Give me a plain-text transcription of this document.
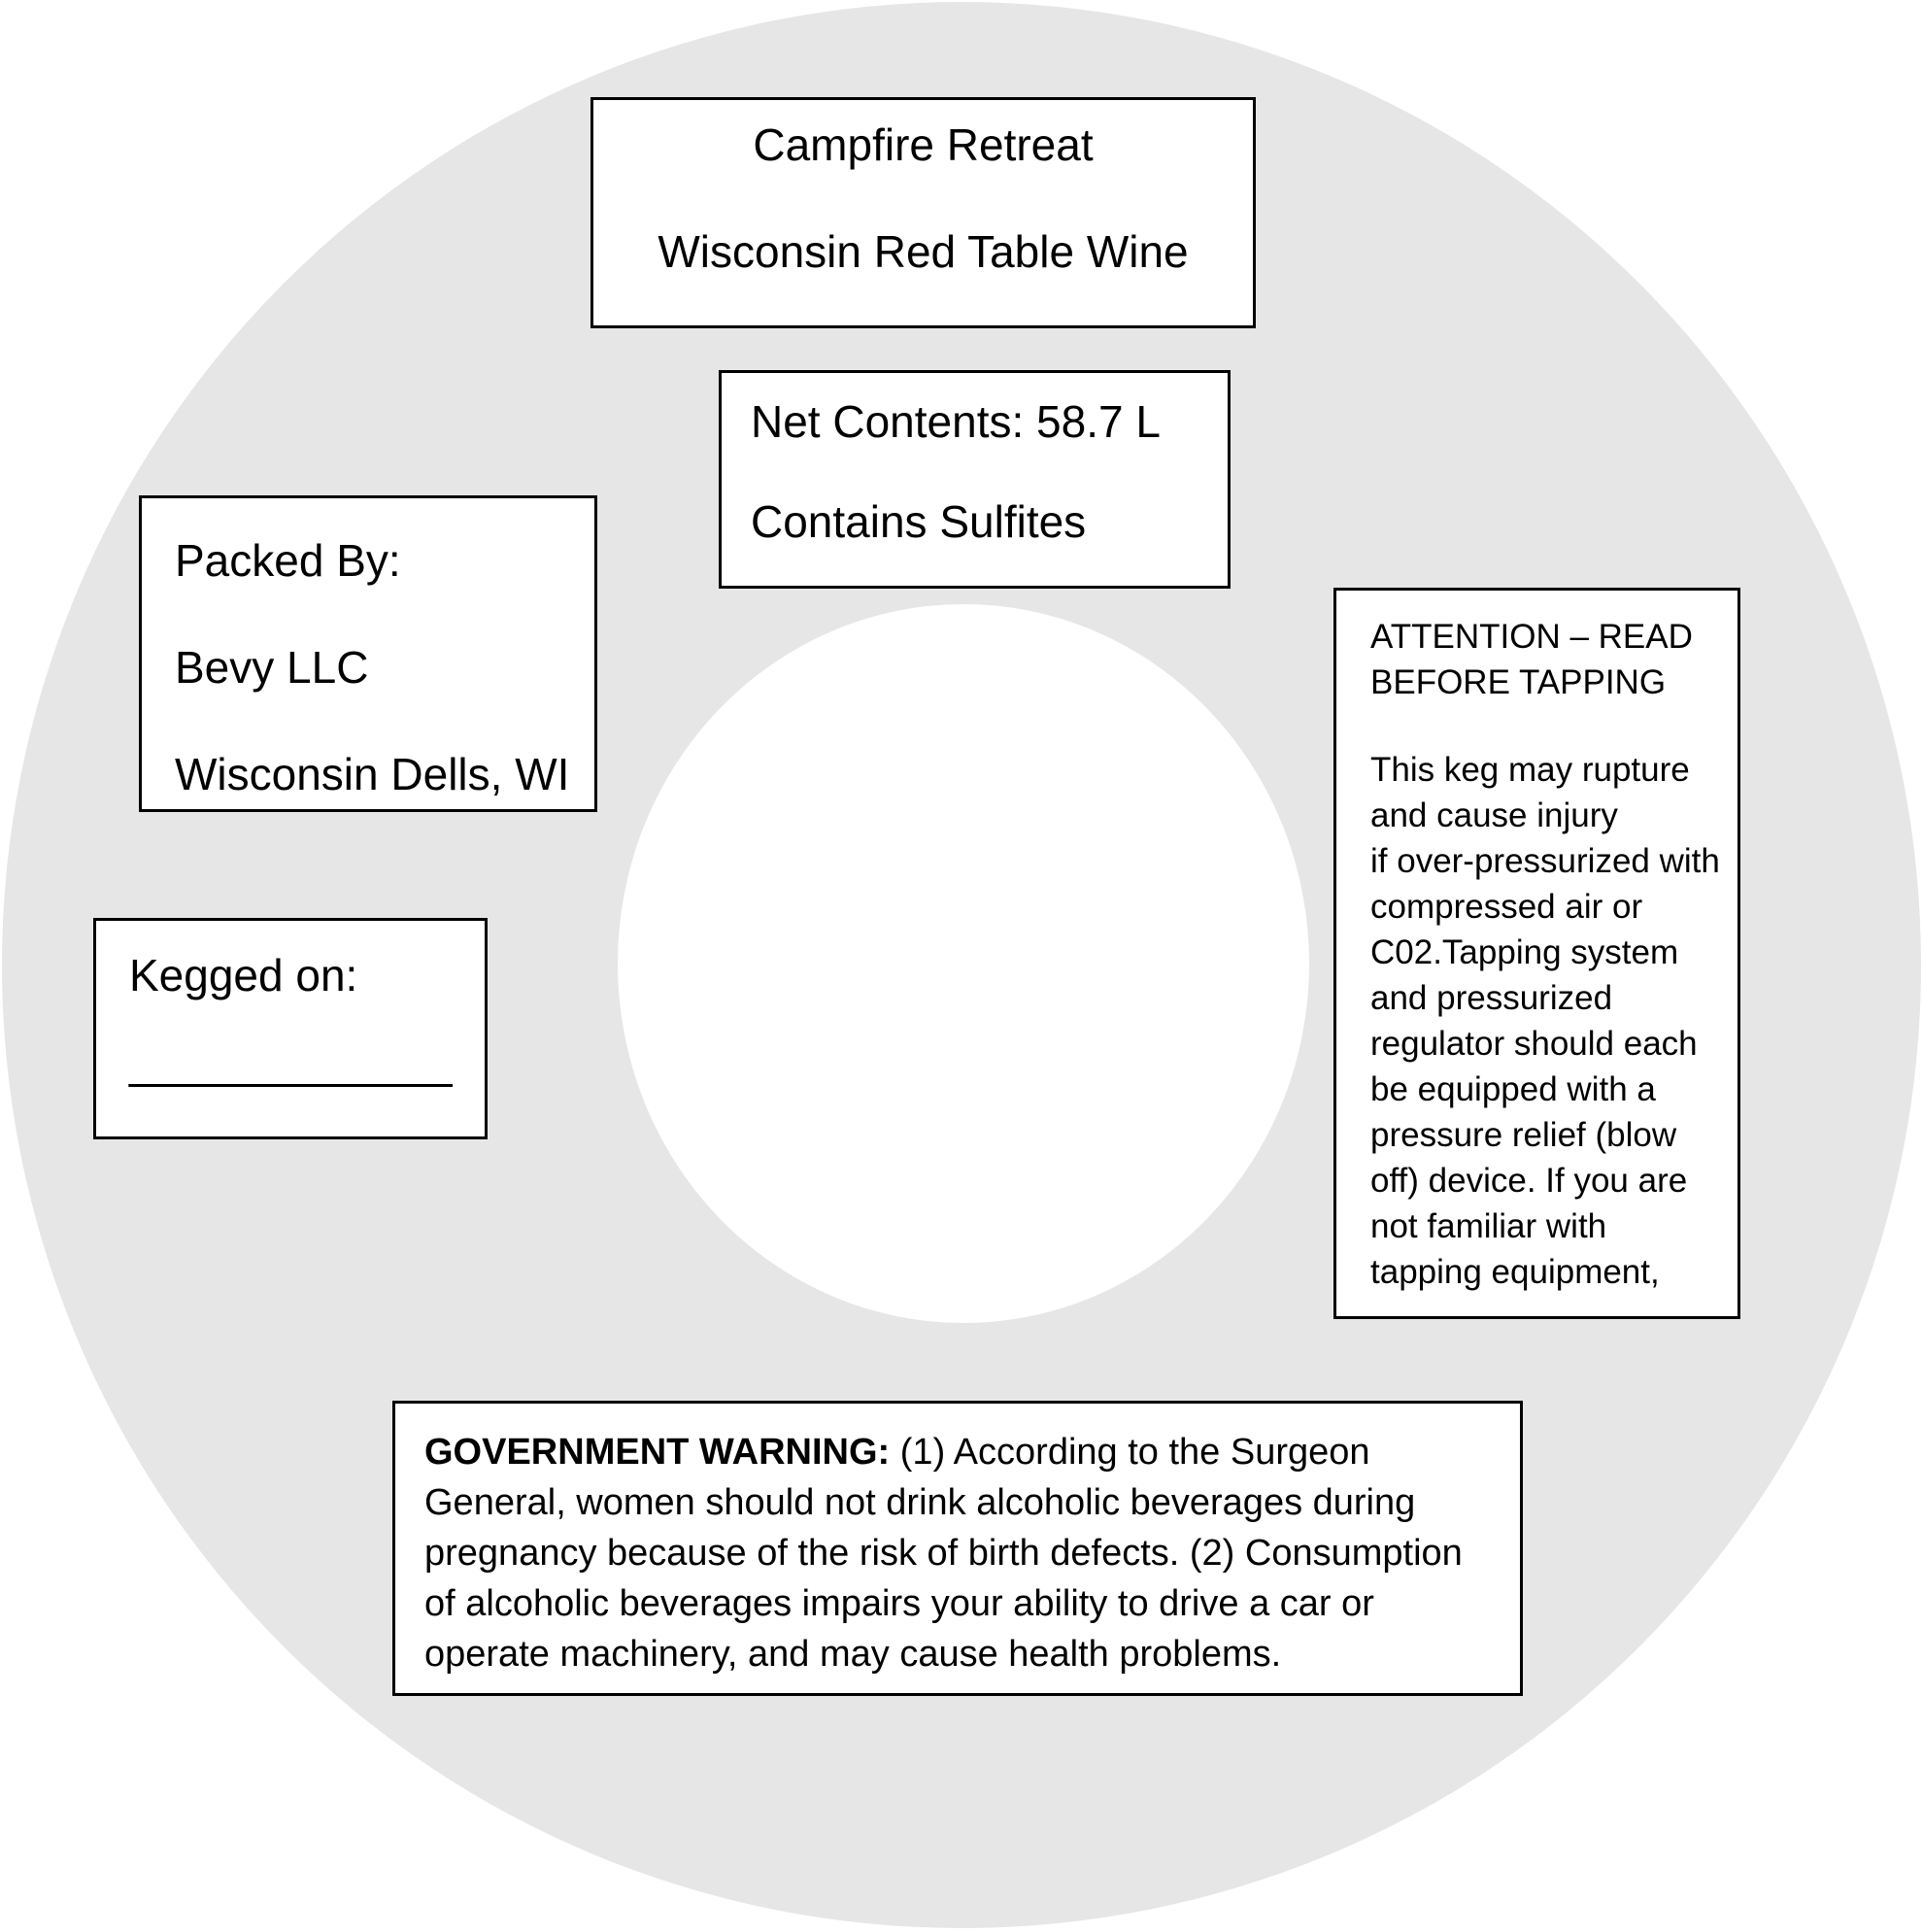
Campfire Retreat
Wisconsin Red Table Wine
Net Contents: 58.7 L
Contains Sulfites
Packed By:
Bevy LLC
Wisconsin Dells, WI
Kegged on:
_____________
ATTENTION – READ
BEFORE TAPPING
This keg may rupture
and cause injury
if over-pressurized with
compressed air or
C02.Tapping system
and pressurized
regulator should each
be equipped with a
pressure relief (blow
off) device. If you are
not familiar with
tapping equipment,
GOVERNMENT WARNING: (1) According to the Surgeon
General, women should not drink alcoholic beverages during
pregnancy because of the risk of birth defects. (2) Consumption
of alcoholic beverages impairs your ability to drive a car or
operate machinery, and may cause health problems.
